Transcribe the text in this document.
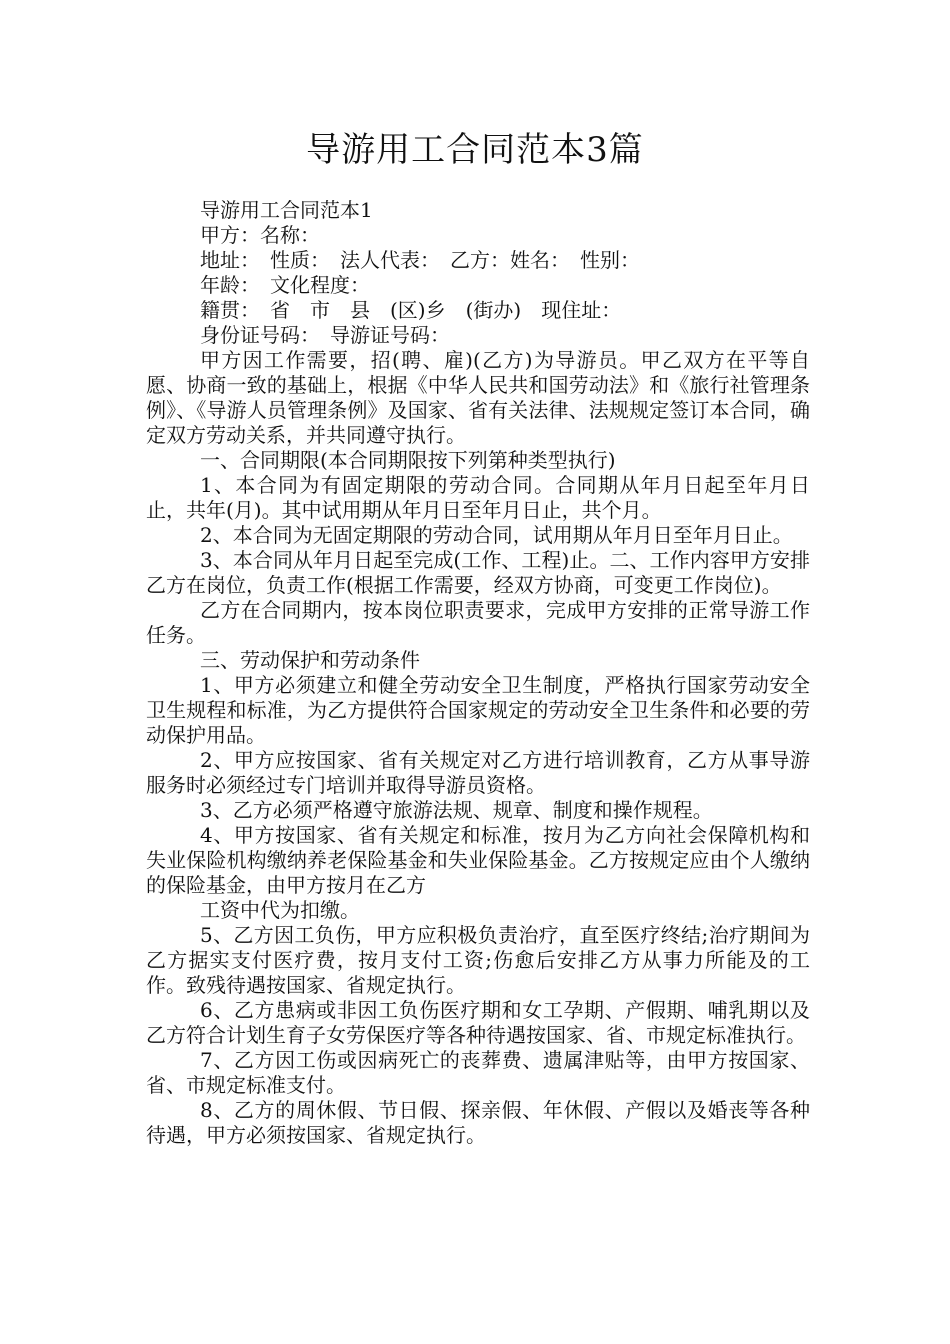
导游用工合同范本3篇

导游用工合同范本1

甲方：名称：

地址：　性质：　法人代表：　乙方：姓名：　性别：

年龄：　文化程度：

籍贯：　省　市　县　(区)乡　(街办)　现住址：

身份证号码：　导游证号码：

甲方因工作需要，招(聘、雇)(乙方)为导游员。甲乙双方在平等自愿、协商一致的基础上，根据《中华人民共和国劳动法》和《旅行社管理条例》、《导游人员管理条例》及国家、省有关法律、法规规定签订本合同，确定双方劳动关系，并共同遵守执行。

一、合同期限(本合同期限按下列第种类型执行)

1、本合同为有固定期限的劳动合同。合同期从年月日起至年月日止，共年(月)。其中试用期从年月日至年月日止，共个月。

2、本合同为无固定期限的劳动合同，试用期从年月日至年月日止。

3、本合同从年月日起至完成(工作、工程)止。二、工作内容甲方安排乙方在岗位，负责工作(根据工作需要，经双方协商，可变更工作岗位)。

乙方在合同期内，按本岗位职责要求，完成甲方安排的正常导游工作任务。

三、劳动保护和劳动条件

1、甲方必须建立和健全劳动安全卫生制度，严格执行国家劳动安全卫生规程和标准，为乙方提供符合国家规定的劳动安全卫生条件和必要的劳动保护用品。

2、甲方应按国家、省有关规定对乙方进行培训教育，乙方从事导游服务时必须经过专门培训并取得导游员资格。

3、乙方必须严格遵守旅游法规、规章、制度和操作规程。

4、甲方按国家、省有关规定和标准，按月为乙方向社会保障机构和失业保险机构缴纳养老保险基金和失业保险基金。乙方按规定应由个人缴纳的保险基金，由甲方按月在乙方

工资中代为扣缴。

5、乙方因工负伤，甲方应积极负责治疗，直至医疗终结;治疗期间为乙方据实支付医疗费，按月支付工资;伤愈后安排乙方从事力所能及的工作。致残待遇按国家、省规定执行。

6、乙方患病或非因工负伤医疗期和女工孕期、产假期、哺乳期以及乙方符合计划生育子女劳保医疗等各种待遇按国家、省、市规定标准执行。

7、乙方因工伤或因病死亡的丧葬费、遗属津贴等，由甲方按国家、省、市规定标准支付。

8、乙方的周休假、节日假、探亲假、年休假、产假以及婚丧等各种待遇，甲方必须按国家、省规定执行。
